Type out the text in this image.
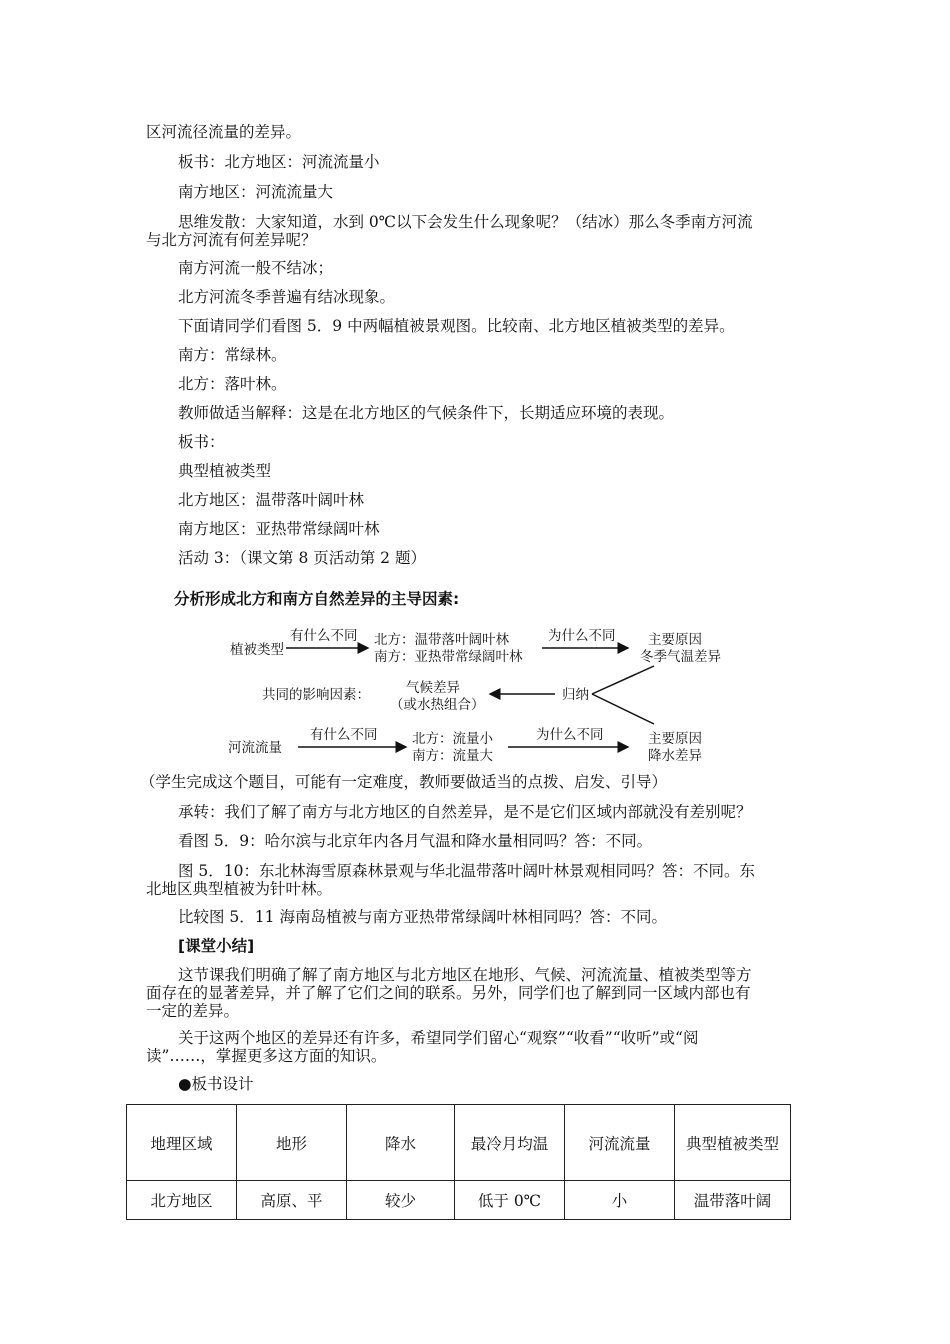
区河流径流量的差异。
板书：北方地区：河流流量小
南方地区：河流流量大
思维发散：大家知道，水到 0℃以下会发生什么现象呢？（结冰）那么冬季南方河流
与北方河流有何差异呢？
南方河流一般不结冰；
北方河流冬季普遍有结冰现象。
下面请同学们看图 5．9 中两幅植被景观图。比较南、北方地区植被类型的差异。
南方：常绿林。
北方：落叶林。
教师做适当解释：这是在北方地区的气候条件下，长期适应环境的表现。
板书：
典型植被类型
北方地区：温带落叶阔叶林
南方地区：亚热带常绿阔叶林
活动 3：（课文第 8 页活动第 2 题）
分析形成北方和南方自然差异的主导因素:
植被类型
有什么不同 北方：温带落叶阔叶林
南方：亚热带常绿阔叶林
为什么不同 主要原因
冬季气温差异
共同的影响因素：	气候差异
（或水热组合）
归纳
河流流量
有什么不同	北方：流量小
南方：流量大
为什么不同	主要原因
降水差异
（学生完成这个题目，可能有一定难度，教师要做适当的点拨、启发、引导）
承转：我们了解了南方与北方地区的自然差异，是不是它们区域内部就没有差别呢？
看图 5．9：哈尔滨与北京年内各月气温和降水量相同吗？答：不同。
图 5．10：东北林海雪原森林景观与华北温带落叶阔叶林景观相同吗？答：不同。东
北地区典型植被为针叶林。
比较图 5．11 海南岛植被与南方亚热带常绿阔叶林相同吗？答：不同。
[课堂小结]
这节课我们明确了解了南方地区与北方地区在地形、气候、河流流量、植被类型等方
面存在的显著差异，并了解了它们之间的联系。另外，同学们也了解到同一区域内部也有
一定的差异。
关于这两个地区的差异还有许多，希望同学们留心“观察”“收看”“收听”或“阅
读”……，掌握更多这方面的知识。
●板书设计
地理区域	地形	降水	最冷月均温	河流流量	典型植被类型
北方地区	高原、平	较少	低于 0℃	小	温带落叶阔
